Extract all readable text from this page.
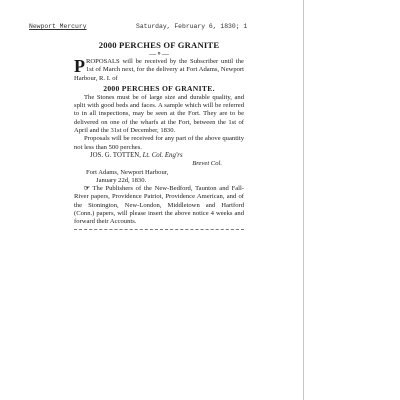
Newport Mercury	Saturday, February 6, 1830; 1

2000 PERCHES OF GRANITE

—⚬—

PROPOSALS will be received by the Subscriber until the 1st of March next, for the delivery at Fort Adams, Newport Harbour, R. I. of

2000 PERCHES OF GRANITE.

The Stones must be of large size and durable quality, and split with good beds and faces. A sample which will be referred to in all inspections, may be seen at the Fort. They are to be delivered on one of the wharfs at the Fort, between the 1st of April and the 31st of December, 1830.

Proposals will be received for any part of the above quantity not less than 500 perches.

JOS. G. TOTTEN, Lt. Col. Eng'rs

Brevet Col.

Fort Adams, Newport Harbour,
January 22d, 1830.

☞ The Publishers of the New-Bedford, Taunton and Fall-River papers, Providence Patriot, Providence American, and of the Stonington, New-London, Middletown and Hartford (Conn.) papers, will please insert the above notice 4 weeks and forward their Accounts.
